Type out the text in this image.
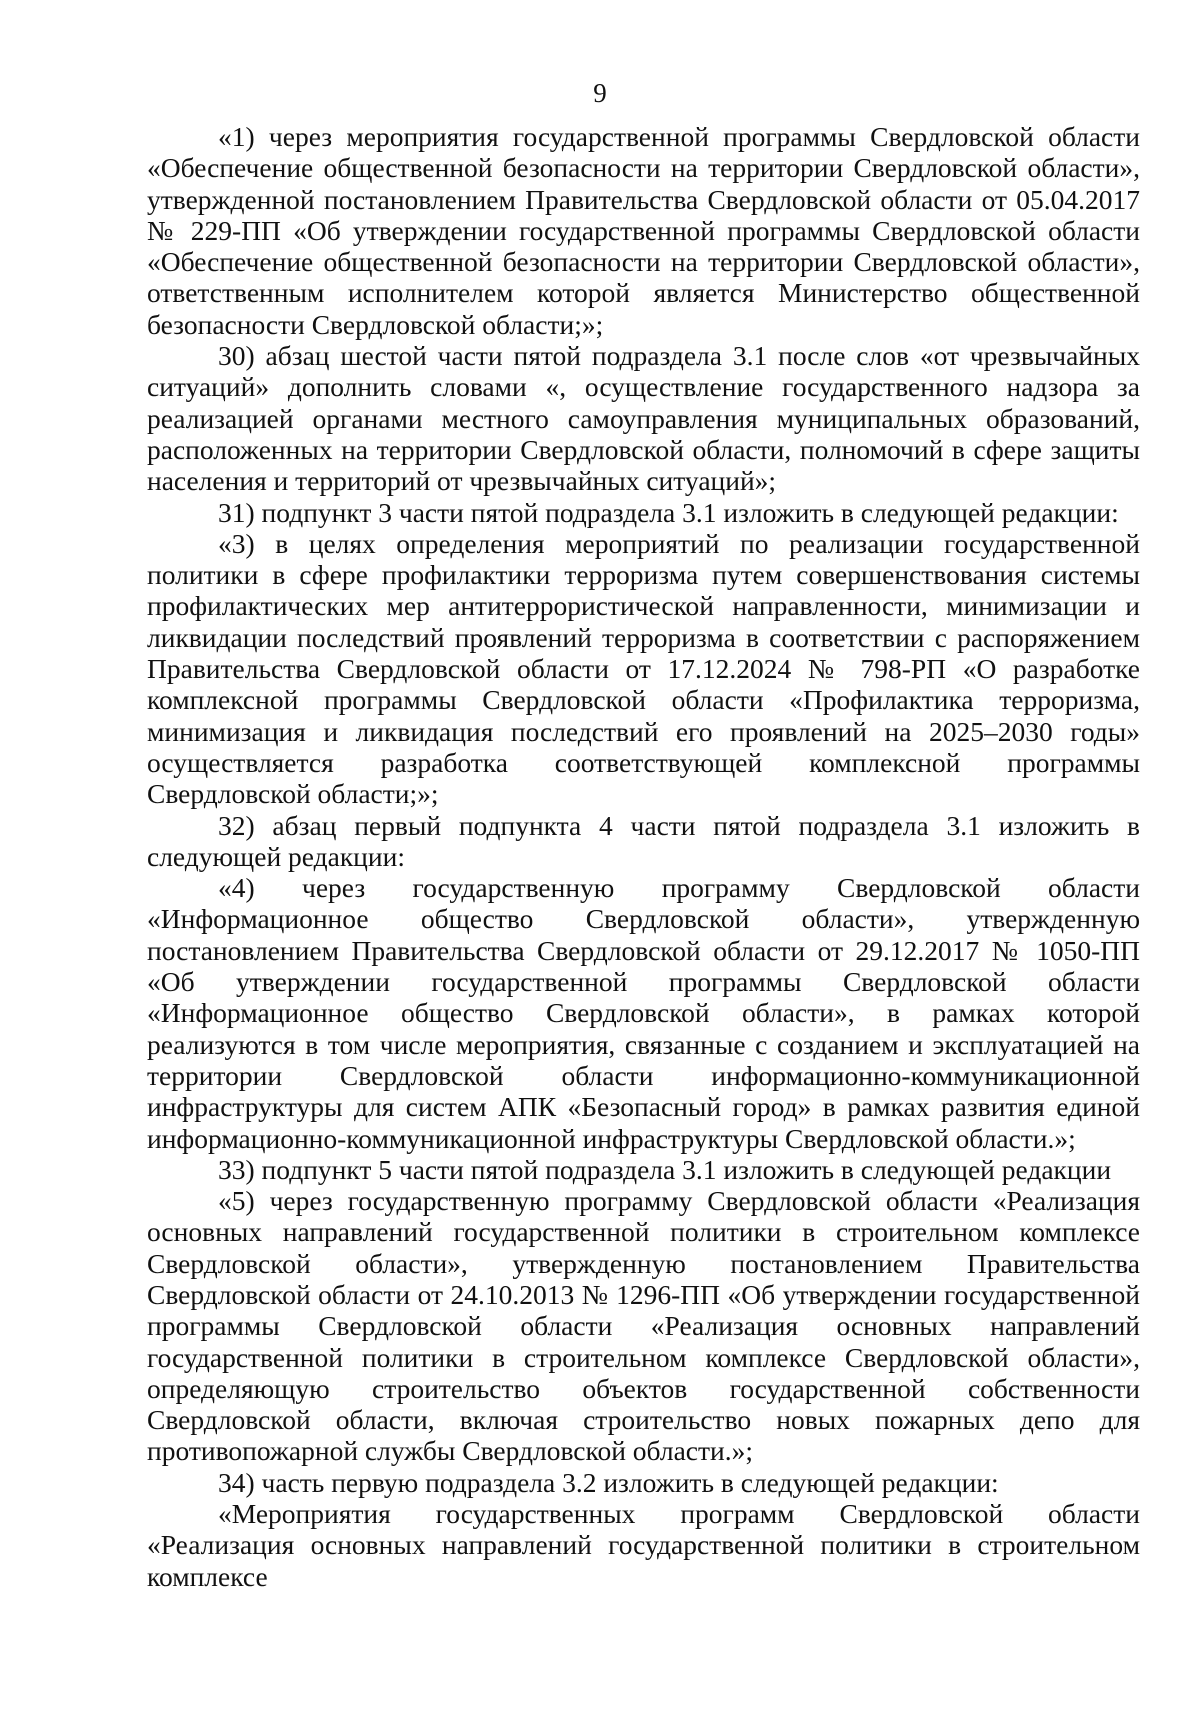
9

«1) через мероприятия государственной программы Свердловской области «Обеспечение общественной безопасности на территории Свердловской области», утвержденной постановлением Правительства Свердловской области от 05.04.2017 № 229-ПП «Об утверждении государственной программы Свердловской области «Обеспечение общественной безопасности на территории Свердловской области», ответственным исполнителем которой является Министерство общественной безопасности Свердловской области;»;

30) абзац шестой части пятой подраздела 3.1 после слов «от чрезвычайных ситуаций» дополнить словами «, осуществление государственного надзора за реализацией органами местного самоуправления муниципальных образований, расположенных на территории Свердловской области, полномочий в сфере защиты населения и территорий от чрезвычайных ситуаций»;

31) подпункт 3 части пятой подраздела 3.1 изложить в следующей редакции:

«3) в целях определения мероприятий по реализации государственной политики в сфере профилактики терроризма путем совершенствования системы профилактических мер антитеррористической направленности, минимизации и ликвидации последствий проявлений терроризма в соответствии с распоряжением Правительства Свердловской области от 17.12.2024 № 798-РП «О разработке комплексной программы Свердловской области «Профилактика терроризма, минимизация и ликвидация последствий его проявлений на 2025–2030 годы» осуществляется разработка соответствующей комплексной программы Свердловской области;»;

32) абзац первый подпункта 4 части пятой подраздела 3.1 изложить в следующей редакции:

«4) через государственную программу Свердловской области «Информационное общество Свердловской области», утвержденную постановлением Правительства Свердловской области от 29.12.2017 № 1050-ПП «Об утверждении государственной программы Свердловской области «Информационное общество Свердловской области», в рамках которой реализуются в том числе мероприятия, связанные с созданием и эксплуатацией на территории Свердловской области информационно-коммуникационной инфраструктуры для систем АПК «Безопасный город» в рамках развития единой информационно-коммуникационной инфраструктуры Свердловской области.»;

33) подпункт 5 части пятой подраздела 3.1 изложить в следующей редакции

«5) через государственную программу Свердловской области «Реализация основных направлений государственной политики в строительном комплексе Свердловской области», утвержденную постановлением Правительства Свердловской области от 24.10.2013 № 1296-ПП «Об утверждении государственной программы Свердловской области «Реализация основных направлений государственной политики в строительном комплексе Свердловской области», определяющую строительство объектов государственной собственности Свердловской области, включая строительство новых пожарных депо для противопожарной службы Свердловской области.»;

34) часть первую подраздела 3.2 изложить в следующей редакции:

«Мероприятия государственных программ Свердловской области «Реализация основных направлений государственной политики в строительном комплексе
